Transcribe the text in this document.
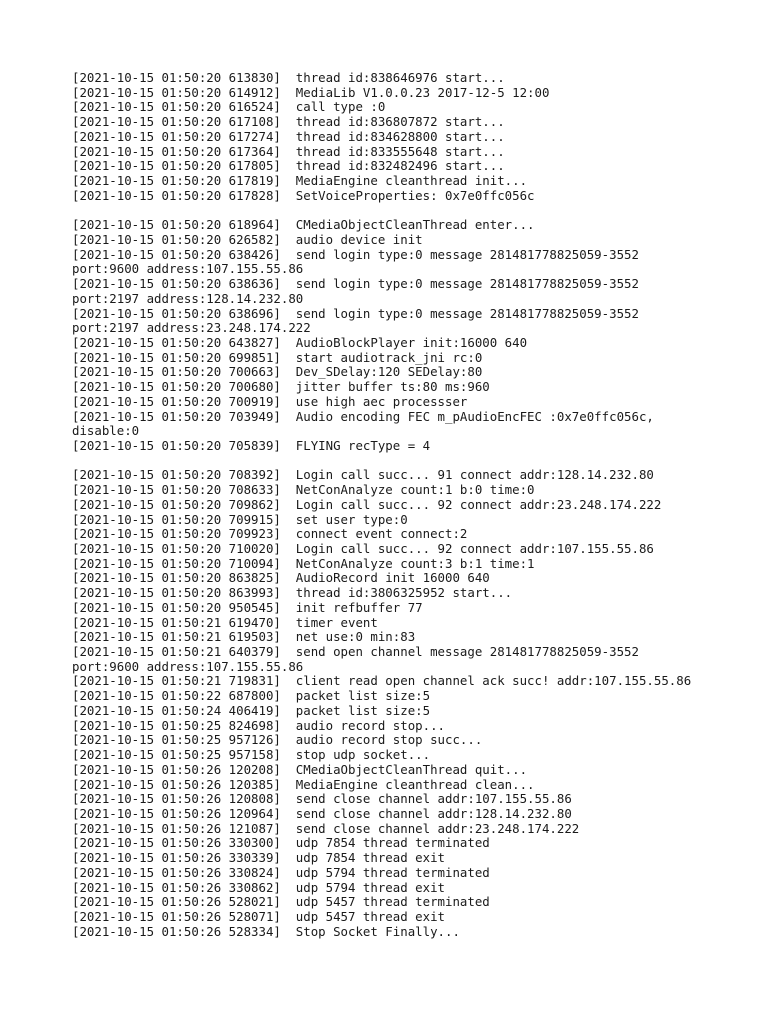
[2021-10-15 01:50:20 613830]  thread id:838646976 start...
[2021-10-15 01:50:20 614912]  MediaLib V1.0.0.23 2017-12-5 12:00
[2021-10-15 01:50:20 616524]  call type :0
[2021-10-15 01:50:20 617108]  thread id:836807872 start...
[2021-10-15 01:50:20 617274]  thread id:834628800 start...
[2021-10-15 01:50:20 617364]  thread id:833555648 start...
[2021-10-15 01:50:20 617805]  thread id:832482496 start...
[2021-10-15 01:50:20 617819]  MediaEngine cleanthread init...
[2021-10-15 01:50:20 617828]  SetVoiceProperties: 0x7e0ffc056c
[2021-10-15 01:50:20 618964]  CMediaObjectCleanThread enter...
[2021-10-15 01:50:20 626582]  audio device init
[2021-10-15 01:50:20 638426]  send login type:0 message 281481778825059-3552
port:9600 address:107.155.55.86
[2021-10-15 01:50:20 638636]  send login type:0 message 281481778825059-3552
port:2197 address:128.14.232.80
[2021-10-15 01:50:20 638696]  send login type:0 message 281481778825059-3552
port:2197 address:23.248.174.222
[2021-10-15 01:50:20 643827]  AudioBlockPlayer init:16000 640
[2021-10-15 01:50:20 699851]  start audiotrack_jni rc:0
[2021-10-15 01:50:20 700663]  Dev_SDelay:120 SEDelay:80
[2021-10-15 01:50:20 700680]  jitter buffer ts:80 ms:960
[2021-10-15 01:50:20 700919]  use high aec processser
[2021-10-15 01:50:20 703949]  Audio encoding FEC m_pAudioEncFEC :0x7e0ffc056c,
disable:0
[2021-10-15 01:50:20 705839]  FLYING recType = 4
[2021-10-15 01:50:20 708392]  Login call succ... 91 connect addr:128.14.232.80
[2021-10-15 01:50:20 708633]  NetConAnalyze count:1 b:0 time:0
[2021-10-15 01:50:20 709862]  Login call succ... 92 connect addr:23.248.174.222
[2021-10-15 01:50:20 709915]  set user type:0
[2021-10-15 01:50:20 709923]  connect event connect:2
[2021-10-15 01:50:20 710020]  Login call succ... 92 connect addr:107.155.55.86
[2021-10-15 01:50:20 710094]  NetConAnalyze count:3 b:1 time:1
[2021-10-15 01:50:20 863825]  AudioRecord init 16000 640
[2021-10-15 01:50:20 863993]  thread id:3806325952 start...
[2021-10-15 01:50:20 950545]  init refbuffer 77
[2021-10-15 01:50:21 619470]  timer event
[2021-10-15 01:50:21 619503]  net use:0 min:83
[2021-10-15 01:50:21 640379]  send open channel message 281481778825059-3552
port:9600 address:107.155.55.86
[2021-10-15 01:50:21 719831]  client read open channel ack succ! addr:107.155.55.86
[2021-10-15 01:50:22 687800]  packet list size:5
[2021-10-15 01:50:24 406419]  packet list size:5
[2021-10-15 01:50:25 824698]  audio record stop...
[2021-10-15 01:50:25 957126]  audio record stop succ...
[2021-10-15 01:50:25 957158]  stop udp socket...
[2021-10-15 01:50:26 120208]  CMediaObjectCleanThread quit...
[2021-10-15 01:50:26 120385]  MediaEngine cleanthread clean...
[2021-10-15 01:50:26 120808]  send close channel addr:107.155.55.86
[2021-10-15 01:50:26 120964]  send close channel addr:128.14.232.80
[2021-10-15 01:50:26 121087]  send close channel addr:23.248.174.222
[2021-10-15 01:50:26 330300]  udp 7854 thread terminated
[2021-10-15 01:50:26 330339]  udp 7854 thread exit
[2021-10-15 01:50:26 330824]  udp 5794 thread terminated
[2021-10-15 01:50:26 330862]  udp 5794 thread exit
[2021-10-15 01:50:26 528021]  udp 5457 thread terminated
[2021-10-15 01:50:26 528071]  udp 5457 thread exit
[2021-10-15 01:50:26 528334]  Stop Socket Finally...
